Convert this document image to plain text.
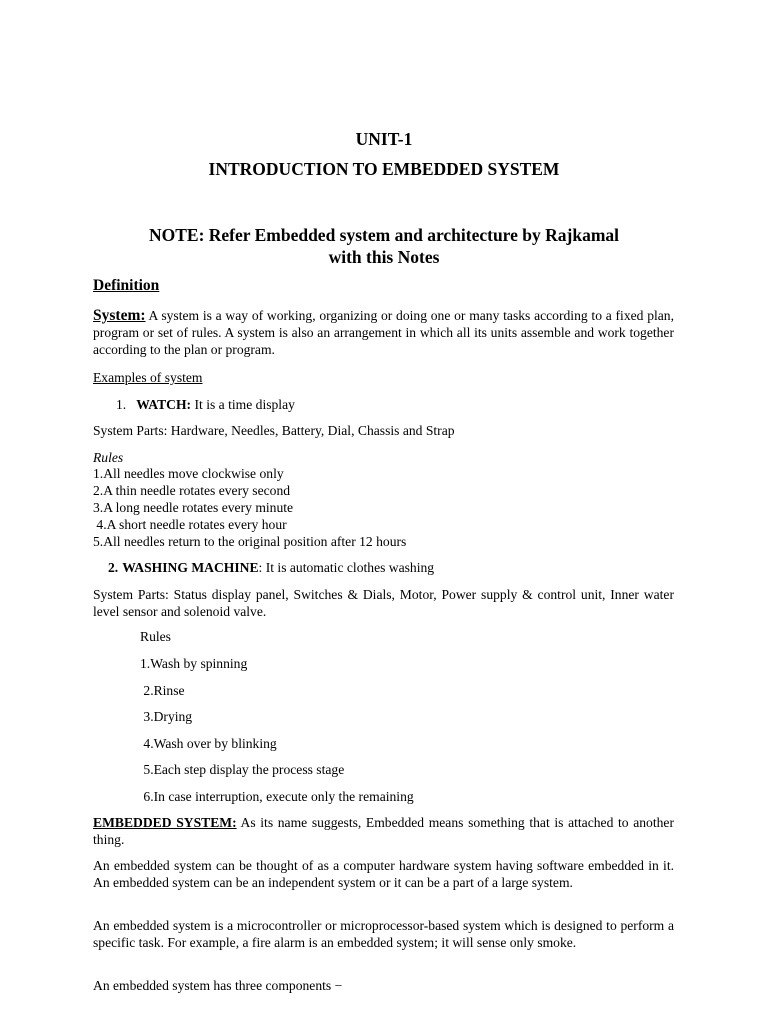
UNIT-1
INTRODUCTION TO EMBEDDED SYSTEM
NOTE: Refer Embedded system and architecture by Rajkamal
with this Notes
Definition
System: A system is a way of working, organizing or doing one or many tasks according to a fixed plan, program or set of rules. A system is also an arrangement in which all its units assemble and work together according to the plan or program.
Examples of system
1. WATCH: It is a time display
System Parts: Hardware, Needles, Battery, Dial, Chassis and Strap
Rules
1.All needles move clockwise only
2.A thin needle rotates every second
3.A long needle rotates every minute
4.A short needle rotates every hour
5.All needles return to the original position after 12 hours
2. WASHING MACHINE: It is automatic clothes washing
System Parts: Status display panel, Switches & Dials, Motor, Power supply & control unit, Inner water level sensor and solenoid valve.
Rules
1.Wash by spinning
2.Rinse
3.Drying
4.Wash over by blinking
5.Each step display the process stage
6.In case interruption, execute only the remaining
EMBEDDED SYSTEM: As its name suggests, Embedded means something that is attached to another thing.
An embedded system can be thought of as a computer hardware system having software embedded in it. An embedded system can be an independent system or it can be a part of a large system.
An embedded system is a microcontroller or microprocessor-based system which is designed to perform a specific task. For example, a fire alarm is an embedded system; it will sense only smoke.
An embedded system has three components −
